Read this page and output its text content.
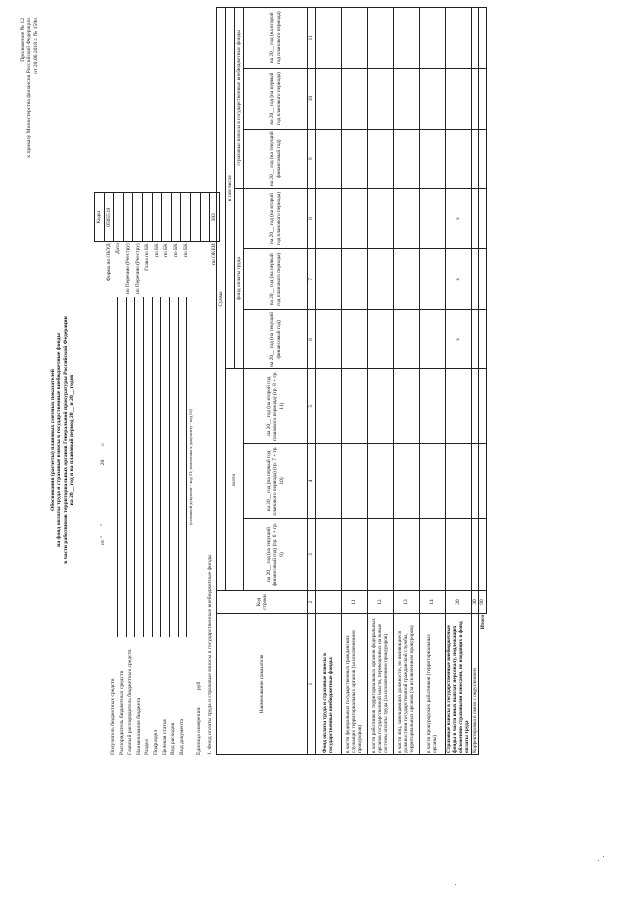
Приложение № 12 к приказу Министерства финансов Российской Федерации от 20.06.2018 г. № 159н
Обоснования (расчеты) плановых сметных показателей на фонд оплаты труда и страховые взносы в государственные внебюджетные фонды в части работников территориальных органов Генеральной прокуратуры Российской Федерации на 20__ год и на плановый период 20__ и 20__ годов	от "       "                                          20          г.
Получатель бюджетных средств Распорядитель бюджетных средств Главный распорядитель бюджетных средств Наименование бюджета Раздел Подраздел Целевая статья Вид расходов Вид документа
(основной документ - код 01; изменения к документу - код 02)
Единица измерения:
руб
	Коды
Форма по ОКУД	0505519
Дата	
по Перечню (Реестру)	
по Перечню (Реестру)	
Глава по БК	
по БК	
по БК	
по БК	
по БК	

по ОКЕИ	383
1. Фонд оплаты труда и страховые взносы в государственные внебюджетные фонды	Наименование показателя	Код строки	Сумма								
		всего			в том числе					
					фонд оплаты труда			страховые взносы в государственные внебюджетные фонды		
		на 20__ год (на текущий финансовый год) (гр. 6 + гр. 9)	на 20__ год (на первый год планового периода) (гр. 7 + гр. 10)	на 20__ год (на второй год планового периода) (гр. 8 + гр. 11)	на 20__ год (на текущий финансовый год)	на 20__ год (на первый год планового периода)	на 20__ год (на второй год планового периода)	на 20__ год (на текущий финансовый год)	на 20__ год (на первый год планового периода)	на 20__ год (на второй год планового периода)
1	2	3	4	5	6	7	8	9	10	11
Фонд оплаты труда и страховые взносы в государственные внебюджетные фонды:										
в части федеральных государственных гражданских служащих территориальных органов (за исключением прокуроров)	11									
в части работников территориальных органов федеральных органов государственной власти, переведенных на новые системы оплаты труда (за исключением прокуроров)	12									
в части лиц, замещающих должности, не являющиеся должностями государственной гражданской службы, территориальных органов (за исключением прокуроров)	13									
в части прокурорских работников (территориальные органы)	14									
Страховые взносы в государственные внебюджетные фонды в части иных выплат персоналу, подлежащих обложению страховыми взносами, не входящих в фонд оплаты труда	20				x	x	x			
Корректировка в связи с округлением	30									
Итого	90									
